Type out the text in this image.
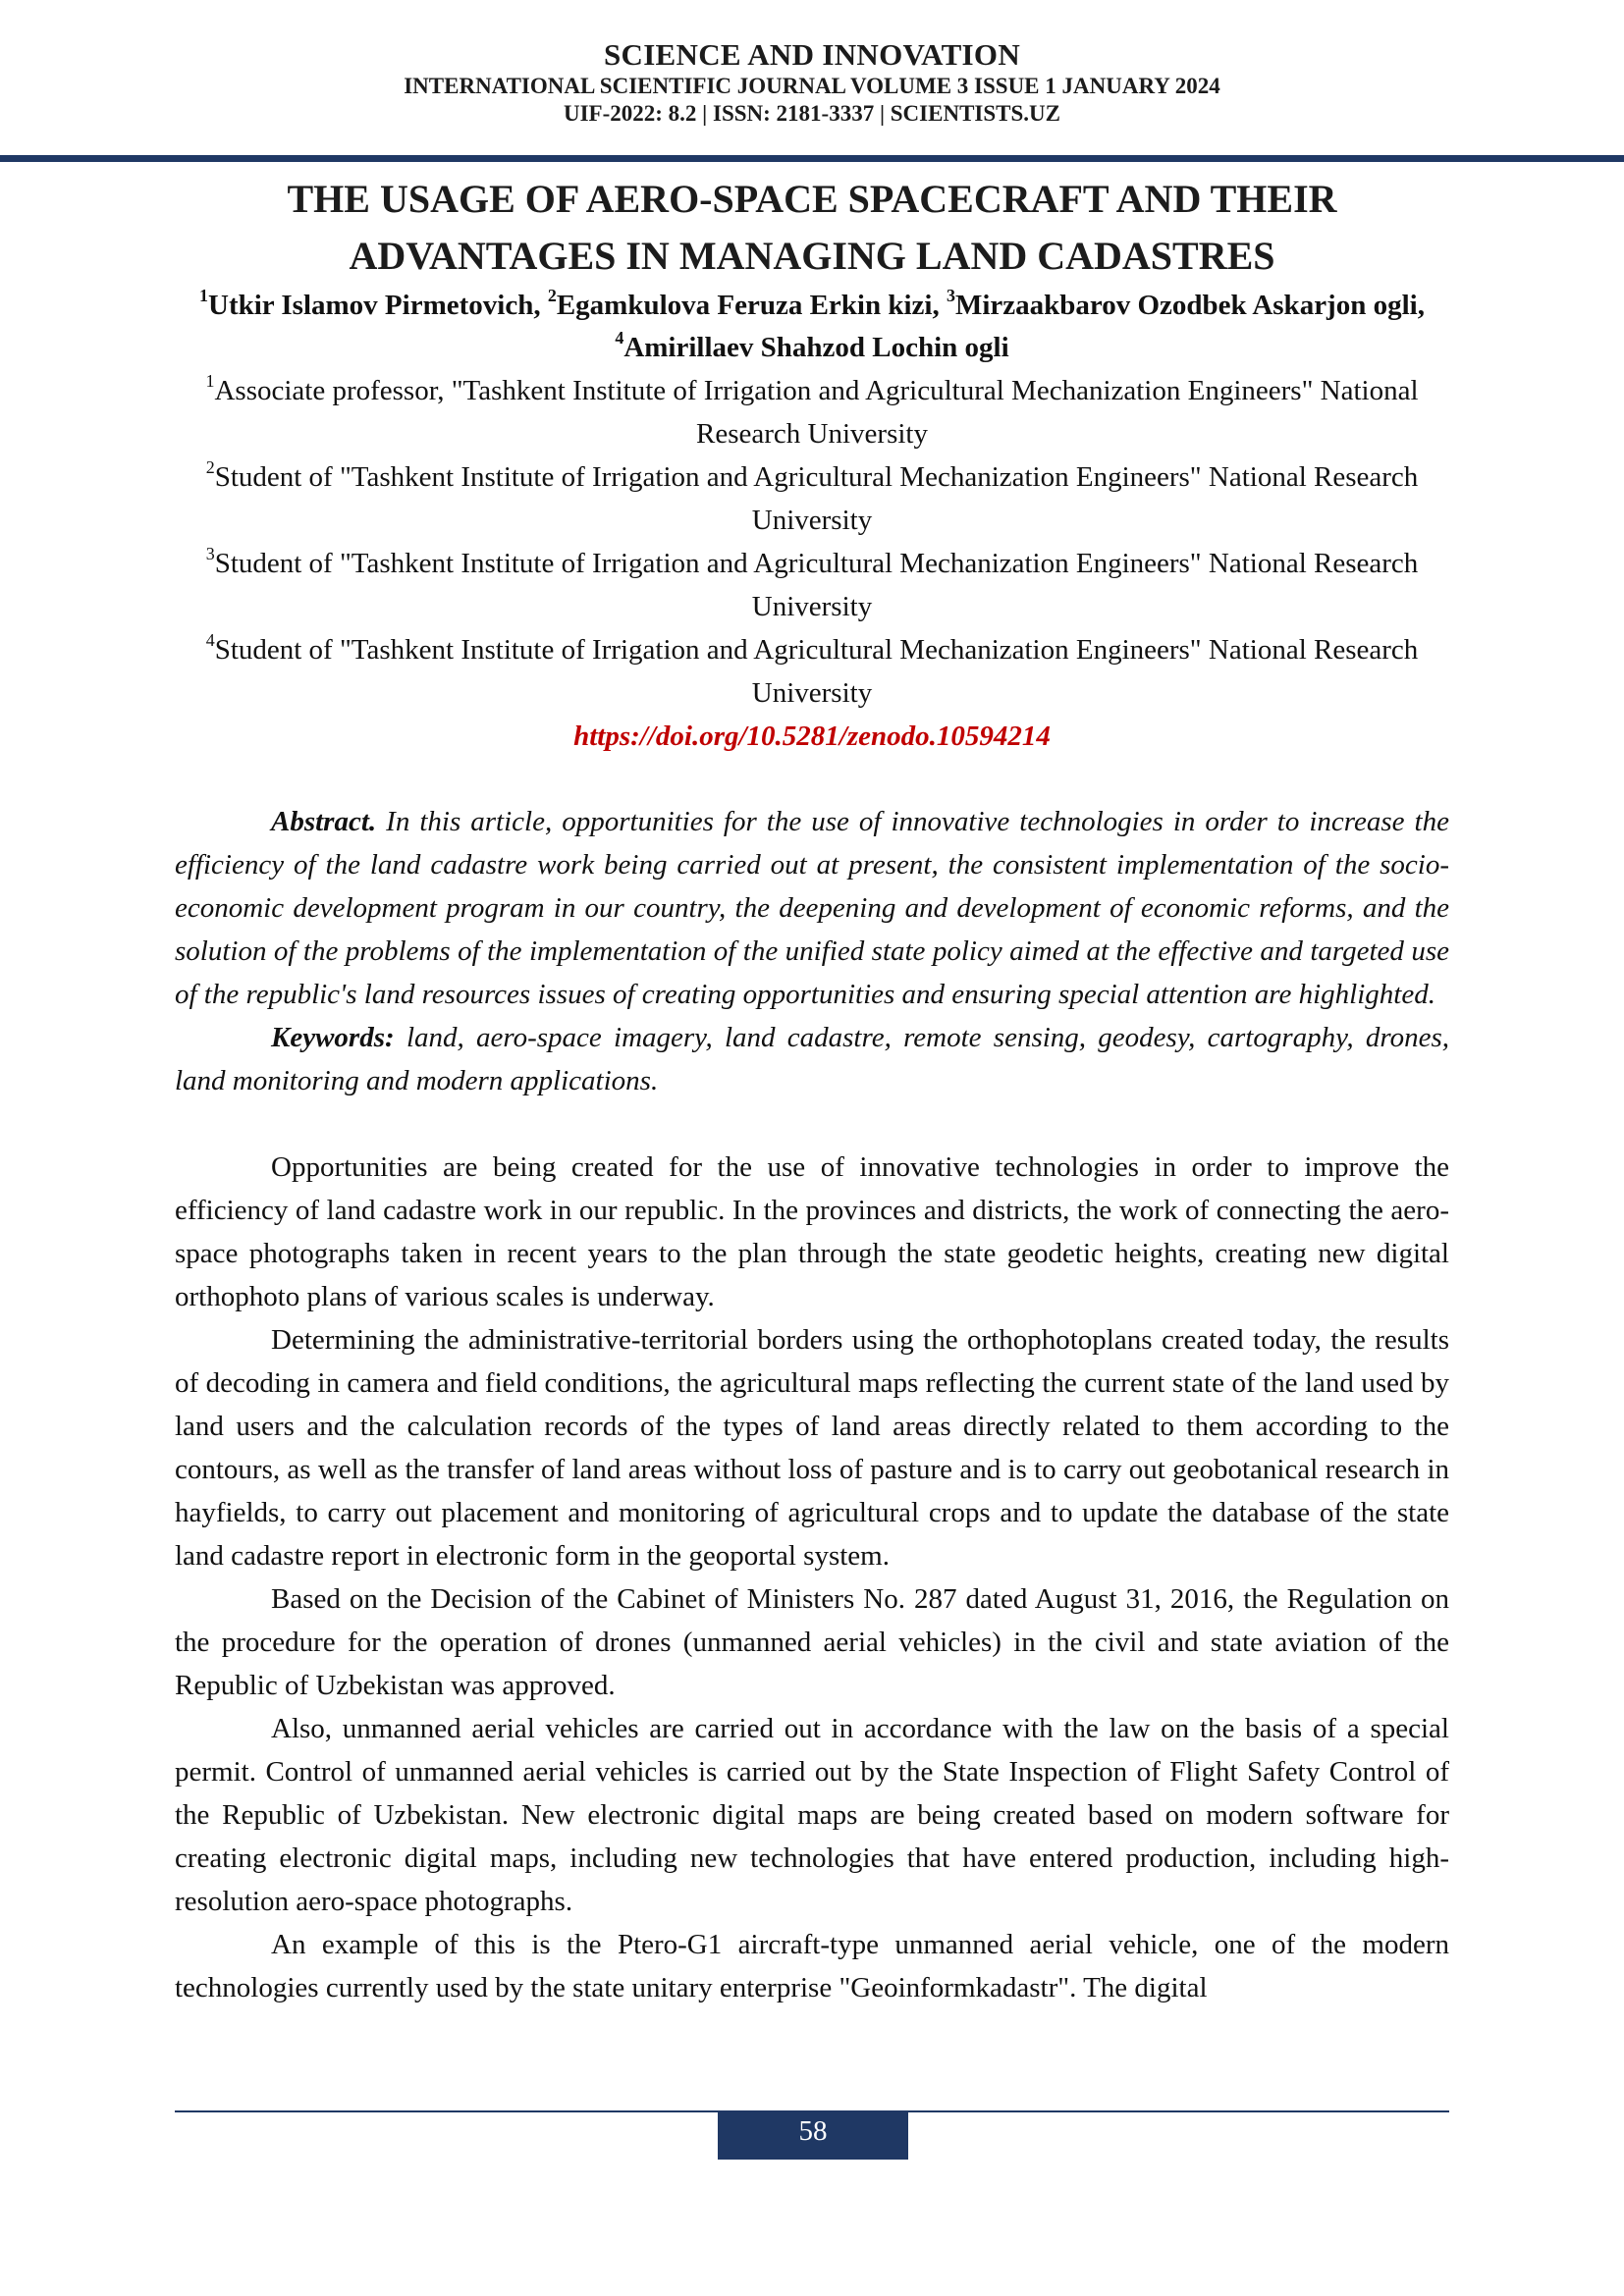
SCIENCE AND INNOVATION
INTERNATIONAL SCIENTIFIC JOURNAL VOLUME 3 ISSUE 1 JANUARY 2024
UIF-2022: 8.2 | ISSN: 2181-3337 | SCIENTISTS.UZ
THE USAGE OF AERO-SPACE SPACECRAFT AND THEIR
ADVANTAGES IN MANAGING LAND CADASTRES
$^1$Utkir Islamov Pirmetovich, $^2$Egamkulova Feruza Erkin kizi, $^3$Mirzaakbarov Ozodbek Askarjon ogli, $^4$Amirillaev Shahzod Lochin ogli
$^1$Associate professor, "Tashkent Institute of Irrigation and Agricultural Mechanization Engineers" National Research University
$^2$Student of "Tashkent Institute of Irrigation and Agricultural Mechanization Engineers" National Research University
$^3$Student of "Tashkent Institute of Irrigation and Agricultural Mechanization Engineers" National Research University
$^4$Student of "Tashkent Institute of Irrigation and Agricultural Mechanization Engineers" National Research University
https://doi.org/10.5281/zenodo.10594214
Abstract. In this article, opportunities for the use of innovative technologies in order to increase the efficiency of the land cadastre work being carried out at present, the consistent implementation of the socio-economic development program in our country, the deepening and development of economic reforms, and the solution of the problems of the implementation of the unified state policy aimed at the effective and targeted use of the republic's land resources issues of creating opportunities and ensuring special attention are highlighted.
Keywords: land, aero-space imagery, land cadastre, remote sensing, geodesy, cartography, drones, land monitoring and modern applications.

Opportunities are being created for the use of innovative technologies in order to improve the efficiency of land cadastre work in our republic. In the provinces and districts, the work of connecting the aero-space photographs taken in recent years to the plan through the state geodetic heights, creating new digital orthophoto plans of various scales is underway.

Determining the administrative-territorial borders using the orthophotoplans created today, the results of decoding in camera and field conditions, the agricultural maps reflecting the current state of the land used by land users and the calculation records of the types of land areas directly related to them according to the contours, as well as the transfer of land areas without loss of pasture and is to carry out geobotanical research in hayfields, to carry out placement and monitoring of agricultural crops and to update the database of the state land cadastre report in electronic form in the geoportal system.

Based on the Decision of the Cabinet of Ministers No. 287 dated August 31, 2016, the Regulation on the procedure for the operation of drones (unmanned aerial vehicles) in the civil and state aviation of the Republic of Uzbekistan was approved.

Also, unmanned aerial vehicles are carried out in accordance with the law on the basis of a special permit. Control of unmanned aerial vehicles is carried out by the State Inspection of Flight Safety Control of the Republic of Uzbekistan. New electronic digital maps are being created based on modern software for creating electronic digital maps, including new technologies that have entered production, including high-resolution aero-space photographs.

An example of this is the Ptero-G1 aircraft-type unmanned aerial vehicle, one of the modern technologies currently used by the state unitary enterprise "Geoinformkadastr". The digital

58
